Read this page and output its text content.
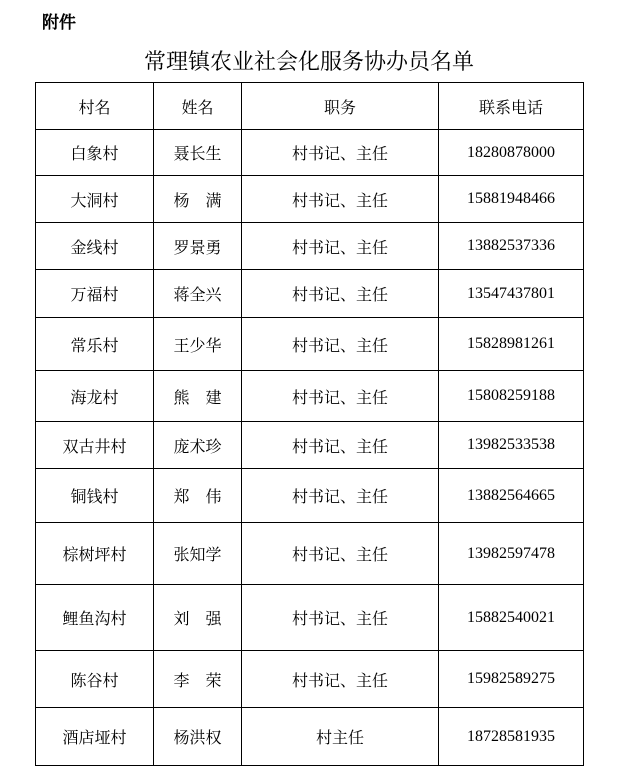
附件
常理镇农业社会化服务协办员名单
村名	姓名	职务	联系电话
白象村	聂长生	村书记、主任	18280878000
大洞村	杨　满	村书记、主任	15881948466
金线村	罗景勇	村书记、主任	13882537336
万福村	蒋全兴	村书记、主任	13547437801
常乐村	王少华	村书记、主任	15828981261
海龙村	熊　建	村书记、主任	15808259188
双古井村	庞术珍	村书记、主任	13982533538
铜钱村	郑　伟	村书记、主任	13882564665
棕树坪村	张知学	村书记、主任	13982597478
鲤鱼沟村	刘　强	村书记、主任	15882540021
陈谷村	李　荣	村书记、主任	15982589275
酒店垭村	杨洪权	村主任	18728581935
